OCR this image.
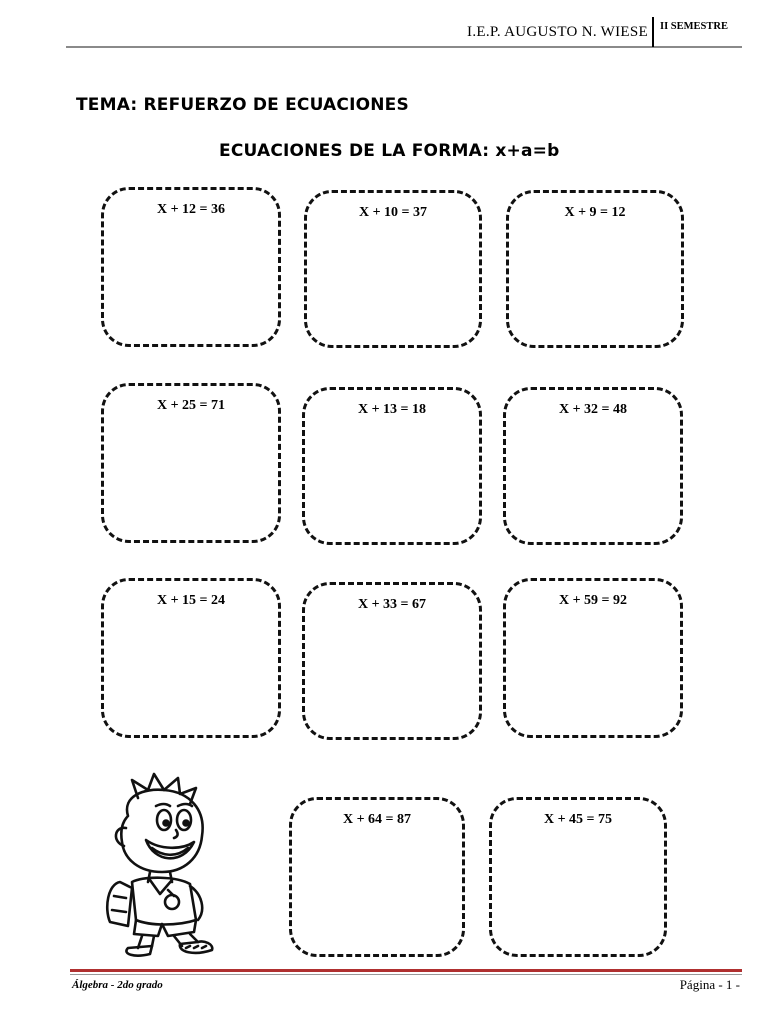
I.E.P. AUGUSTO N. WIESE II SEMESTRE
TEMA: REFUERZO DE ECUACIONES
ECUACIONES DE LA FORMA: x+a=b
X + 12 = 36	X + 10 = 37	X + 9 = 12
X + 25 = 71	X + 13 = 18	X + 32 = 48
X + 15 = 24	X + 33 = 67	X + 59 = 92
X + 64 = 87	X + 45 = 75
Álgebra - 2do grado	Página - 1 -
